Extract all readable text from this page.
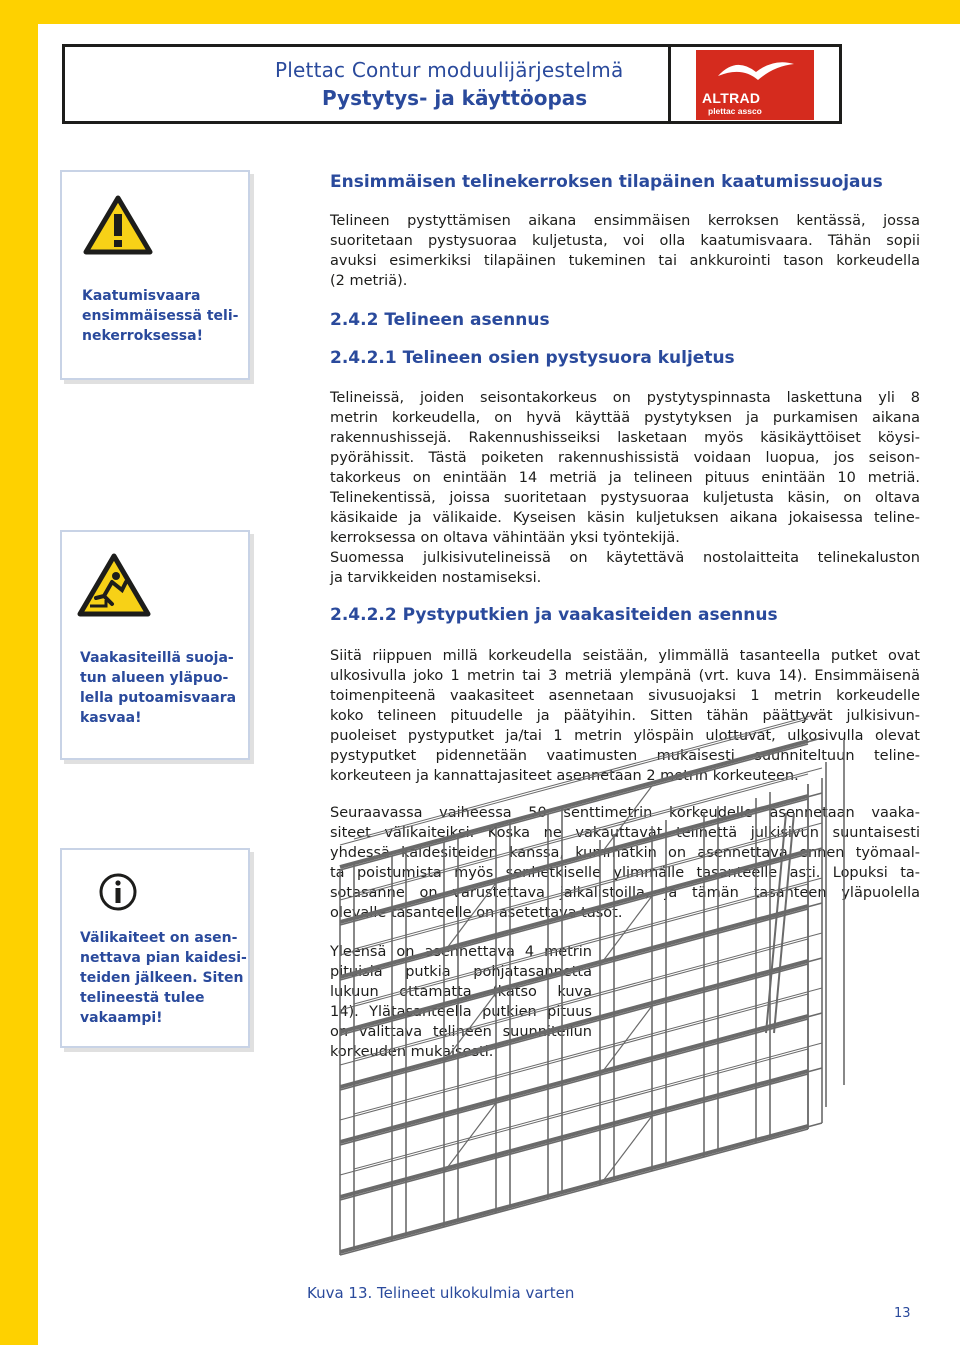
Plettac Contur moduulijärjestelmä
Pystytys- ja käyttöopas	ALTRAD
plettac assco
Kaatumisvaara
ensimmäisessä teli-
nekerroksessa!
Vaakasiteillä suoja-
tun alueen yläpuo-
lella putoamisvaara
kasvaa!
Välikaiteet on asen-
nettava pian kaidesi-
teiden jälkeen. Siten
telineestä tulee
vakaampi!
Ensimmäisen telinekerroksen tilapäinen kaatumissuojaus
Telineen pystyttämisen aikana ensimmäisen kerroksen kentässä, jossa
suoritetaan pystysuoraa kuljetusta, voi olla kaatumisvaara. Tähän sopii
avuksi esimerkiksi tilapäinen tukeminen tai ankkurointi tason korkeudella
(2 metriä).
2.4.2 Telineen asennus
2.4.2.1 Telineen osien pystysuora kuljetus
Telineissä, joiden seisontakorkeus on pystytyspinnasta laskettuna yli 8
metrin korkeudella, on hyvä käyttää pystytyksen ja purkamisen aikana
rakennushissejä. Rakennushisseiksi lasketaan myös käsikäyttöiset köysi-
pyörähissit. Tästä poiketen rakennushissistä voidaan luopua, jos seison-
takorkeus on enintään 14 metriä ja telineen pituus enintään 10 metriä.
Telinekentissä, joissa suoritetaan pystysuoraa kuljetusta käsin, on oltava
käsikaide ja välikaide. Kyseisen käsin kuljetuksen aikana jokaisessa teline-
kerroksessa on oltava vähintään yksi työntekijä.
Suomessa julkisivutelineissä on käytettävä nostolaitteita telinekaluston
ja tarvikkeiden nostamiseksi.
2.4.2.2 Pystyputkien ja vaakasiteiden asennus
Siitä riippuen millä korkeudella seistään, ylimmällä tasanteella putket ovat
ulkosivulla joko 1 metrin tai 3 metriä ylempänä (vrt. kuva 14). Ensimmäisenä
toimenpiteenä vaakasiteet asennetaan sivusuojaksi 1 metrin korkeudelle
koko telineen pituudelle ja päätyihin. Sitten tähän päättyvät julkisivun-
puoleiset pystyputket ja/tai 1 metrin ylöspäin ulottuvat, ulkosivulla olevat
pystyputket pidennetään vaatimusten mukaisesti suunniteltuun teline-
korkeuteen ja kannattajasiteet asennetaan 2 metrin korkeuteen.
Seuraavassa vaiheessa 50 senttimetrin korkeudelle asennetaan vaaka-
siteet välikaiteiksi. Koska ne vakauttavat telinettä julkisivun suuntaisesti
yhdessä kaidesiteiden kanssa, kummatkin on asennettava ennen työmaal-
ta poistumista myös senhetkiselle ylimmälle tasanteelle asti. Lopuksi ta-
sotasanne on varustettava jalkalistoilla, ja tämän tasanteen yläpuolella
olevalle tasanteelle on asetettava tasot.
Yleensä on asennettava 4 metrin
pituisia putkia pohjatasannetta
lukuun ottamatta (katso kuva
14). Ylätasanteella putkien pituus
on valittava telineen suunnitellun
korkeuden mukaisesti.
Kuva 13. Telineet ulkokulmia varten
13
